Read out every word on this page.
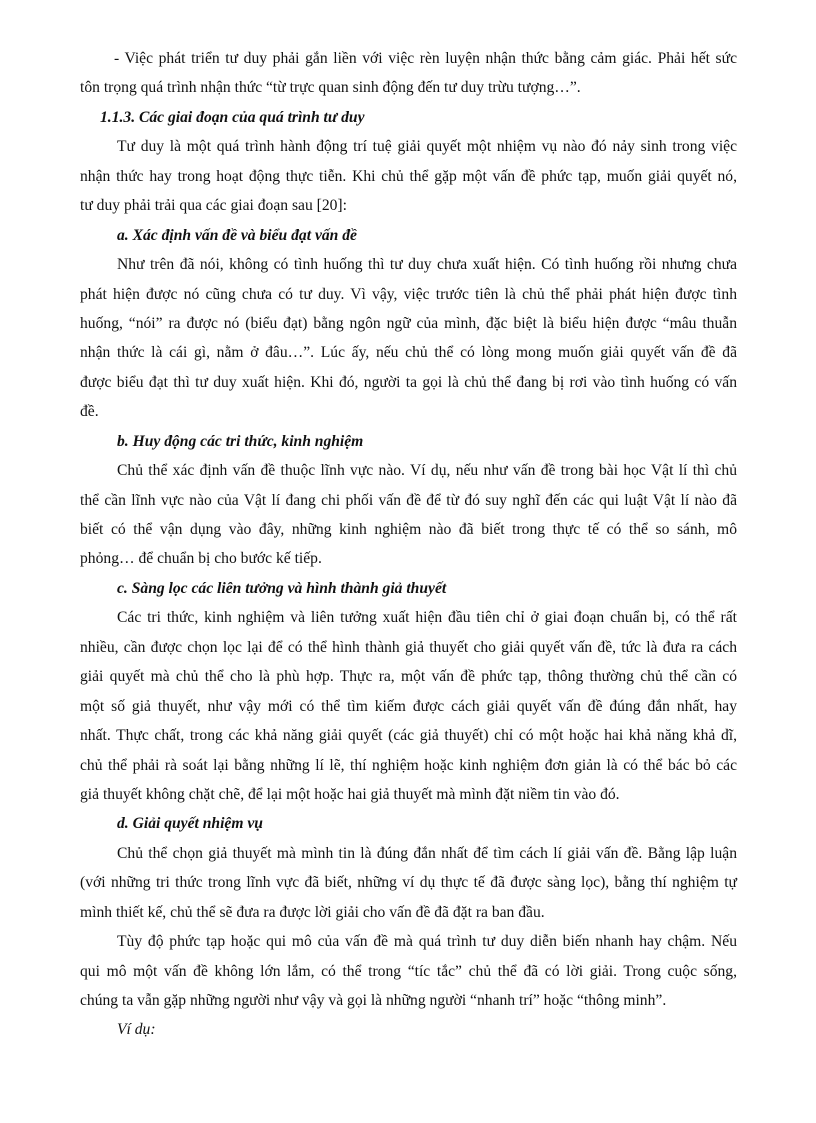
- Việc phát triển tư duy phải gắn liền với việc rèn luyện nhận thức bằng cảm giác. Phải hết sức
tôn trọng quá trình nhận thức “từ trực quan sinh động đến tư duy trừu tượng…”.
1.1.3. Các giai đoạn của quá trình tư duy
Tư duy là một quá trình hành động trí tuệ giải quyết một nhiệm vụ nào đó nảy sinh trong việc
nhận thức hay trong hoạt động thực tiễn. Khi chủ thể gặp một vấn đề phức tạp, muốn giải quyết nó,
tư duy phải trải qua các giai đoạn sau [20]:
a. Xác định vấn đề và biểu đạt vấn đề
Như trên đã nói, không có tình huống thì tư duy chưa xuất hiện. Có tình huống rồi nhưng chưa
phát hiện được nó cũng chưa có tư duy. Vì vậy, việc trước tiên là chủ thể phải phát hiện được tình
huống, “nói” ra được nó (biểu đạt) bằng ngôn ngữ của mình, đặc biệt là biểu hiện được “mâu thuẫn
nhận thức là cái gì, nằm ở đâu…”. Lúc ấy, nếu chủ thể có lòng mong muốn giải quyết vấn đề đã
được biểu đạt thì tư duy xuất hiện. Khi đó, người ta gọi là chủ thể đang bị rơi vào tình huống có vấn
đề.
b. Huy động các tri thức, kinh nghiệm
Chủ thể xác định vấn đề thuộc lĩnh vực nào. Ví dụ, nếu như vấn đề trong bài học Vật lí thì chủ
thể cần lĩnh vực nào của Vật lí đang chi phối vấn đề để từ đó suy nghĩ đến các qui luật Vật lí nào đã
biết có thể vận dụng vào đây, những kinh nghiệm nào đã biết trong thực tế có thể so sánh, mô
phỏng… để chuẩn bị cho bước kế tiếp.
c. Sàng lọc các liên tưởng và hình thành giả thuyết
Các tri thức, kinh nghiệm và liên tưởng xuất hiện đầu tiên chỉ ở giai đoạn chuẩn bị, có thể rất
nhiều, cần được chọn lọc lại để có thể hình thành giả thuyết cho giải quyết vấn đề, tức là đưa ra cách
giải quyết mà chủ thể cho là phù hợp. Thực ra, một vấn đề phức tạp, thông thường chủ thể cần có
một số giả thuyết, như vậy mới có thể tìm kiếm được cách giải quyết vấn đề đúng đắn nhất, hay
nhất. Thực chất, trong các khả năng giải quyết (các giả thuyết) chỉ có một hoặc hai khả năng khả dĩ,
chủ thể phải rà soát lại bằng những lí lẽ, thí nghiệm hoặc kinh nghiệm đơn giản là có thể bác bỏ các
giả thuyết không chặt chẽ, để lại một hoặc hai giả thuyết mà mình đặt niềm tin vào đó.
d. Giải quyết nhiệm vụ
Chủ thể chọn giả thuyết mà mình tin là đúng đắn nhất để tìm cách lí giải vấn đề. Bằng lập luận
(với những tri thức trong lĩnh vực đã biết, những ví dụ thực tế đã được sàng lọc), bằng thí nghiệm tự
mình thiết kế, chủ thể sẽ đưa ra được lời giải cho vấn đề đã đặt ra ban đầu.
Tùy độ phức tạp hoặc qui mô của vấn đề mà quá trình tư duy diễn biến nhanh hay chậm. Nếu
qui mô một vấn đề không lớn lắm, có thể trong “tíc tắc” chủ thể đã có lời giải. Trong cuộc sống,
chúng ta vẫn gặp những người như vậy và gọi là những người “nhanh trí” hoặc “thông minh”.
Ví dụ:
